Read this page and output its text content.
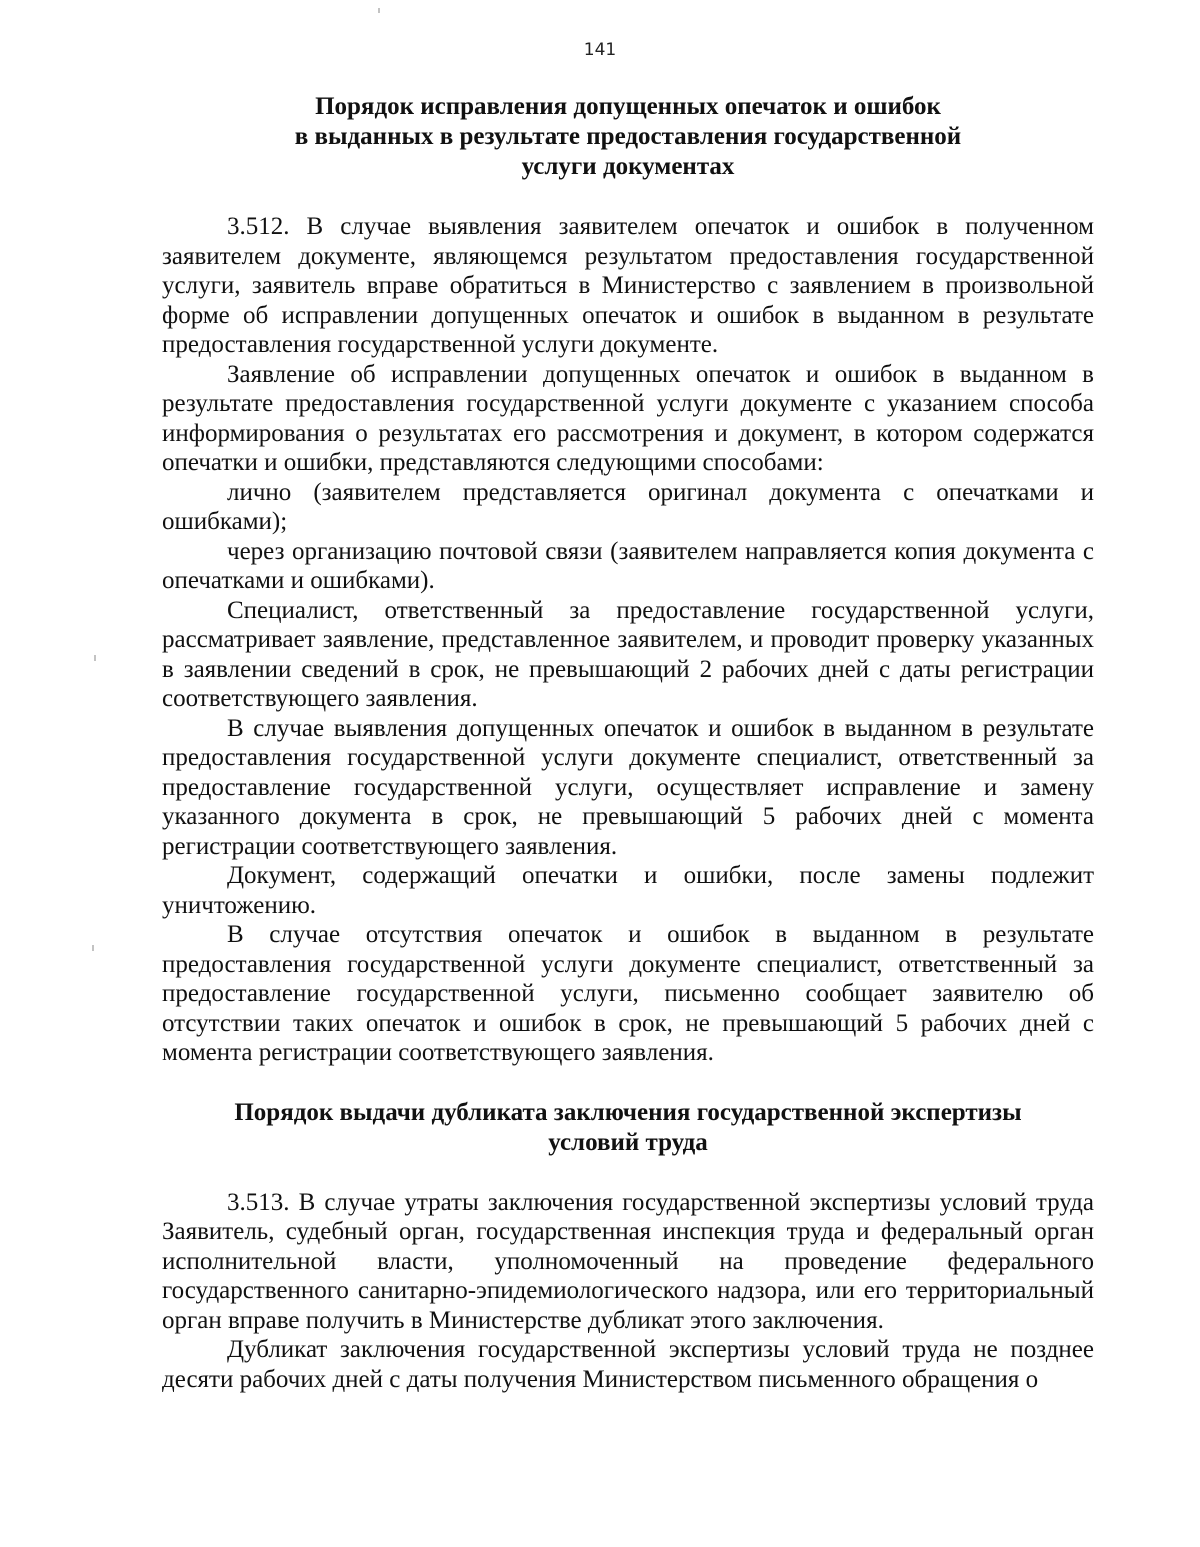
141
Порядок исправления допущенных опечаток и ошибок
в выданных в результате предоставления государственной
услуги документах

3.512. В случае выявления заявителем опечаток и ошибок в полученном заявителем документе, являющемся результатом предоставления государственной услуги, заявитель вправе обратиться в Министерство с заявлением в произвольной форме об исправлении допущенных опечаток и ошибок в выданном в результате предоставления государственной услуги документе.

Заявление об исправлении допущенных опечаток и ошибок в выданном в результате предоставления государственной услуги документе с указанием способа информирования о результатах его рассмотрения и документ, в котором содержатся опечатки и ошибки, представляются следующими способами:

лично (заявителем представляется оригинал документа с опечатками и ошибками);

через организацию почтовой связи (заявителем направляется копия документа с опечатками и ошибками).

Специалист, ответственный за предоставление государственной услуги, рассматривает заявление, представленное заявителем, и проводит проверку указанных в заявлении сведений в срок, не превышающий 2 рабочих дней с даты регистрации соответствующего заявления.

В случае выявления допущенных опечаток и ошибок в выданном в результате предоставления государственной услуги документе специалист, ответственный за предоставление государственной услуги, осуществляет исправление и замену указанного документа в срок, не превышающий 5 рабочих дней с момента регистрации соответствующего заявления.

Документ, содержащий опечатки и ошибки, после замены подлежит уничтожению.

В случае отсутствия опечаток и ошибок в выданном в результате предоставления государственной услуги документе специалист, ответственный за предоставление государственной услуги, письменно сообщает заявителю об отсутствии таких опечаток и ошибок в срок, не превышающий 5 рабочих дней с момента регистрации соответствующего заявления.

Порядок выдачи дубликата заключения государственной экспертизы
условий труда

3.513. В случае утраты заключения государственной экспертизы условий труда Заявитель, судебный орган, государственная инспекция труда и федеральный орган исполнительной власти, уполномоченный на проведение федерального государственного санитарно-эпидемиологического надзора, или его территориальный орган вправе получить в Министерстве дубликат этого заключения.

Дубликат заключения государственной экспертизы условий труда не позднее десяти рабочих дней с даты получения Министерством письменного обращения о
